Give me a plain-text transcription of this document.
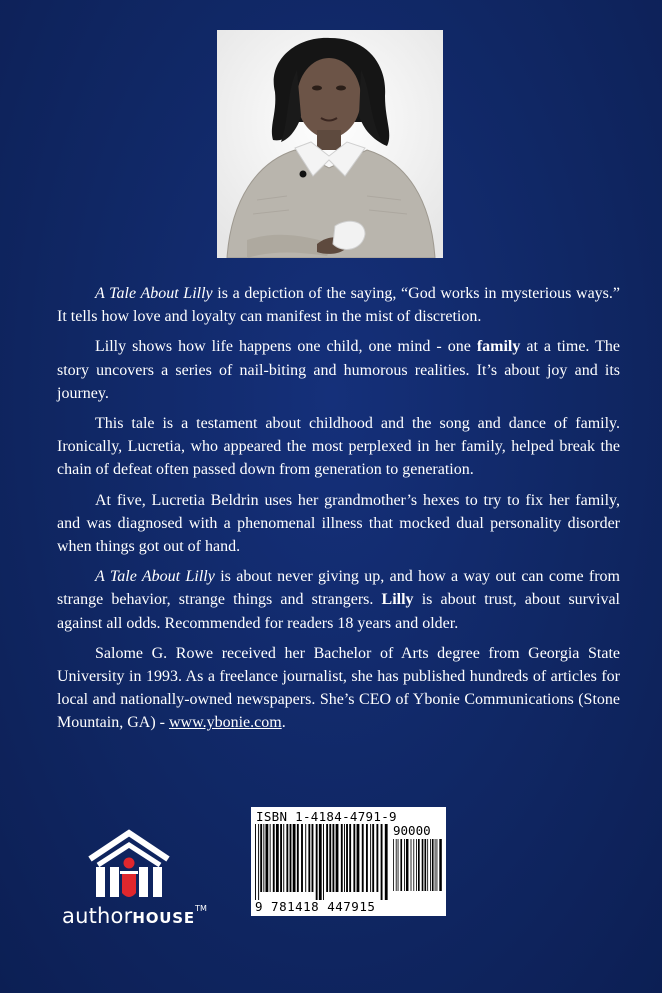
A Tale About Lilly is a depiction of the saying, “God works in mysterious ways.” It tells how love and loyalty can manifest in the mist of discretion.

Lilly shows how life happens one child, one mind - one family at a time. The story uncovers a series of nail-biting and humorous realities. It’s about joy and its journey.

This tale is a testament about childhood and the song and dance of family. Ironically, Lucretia, who appeared the most perplexed in her family, helped break the chain of defeat often passed down from generation to generation.

At five, Lucretia Beldrin uses her grandmother’s hexes to try to fix her family, and was diagnosed with a phenomenal illness that mocked dual personality disorder when things got out of hand.

A Tale About Lilly is about never giving up, and how a way out can come from strange behavior, strange things and strangers. Lilly is about trust, about survival against all odds. Recommended for readers 18 years and older.

Salome G. Rowe received her Bachelor of Arts degree from Georgia State University in 1993. As a freelance journalist, she has published hundreds of articles for local and nationally-owned newspapers. She’s CEO of Ybonie Communications (Stone Mountain, GA) - www.ybonie.com.

authorHOUSE™
ISBN 1-4184-4791-9
90000
9 781418 447915
